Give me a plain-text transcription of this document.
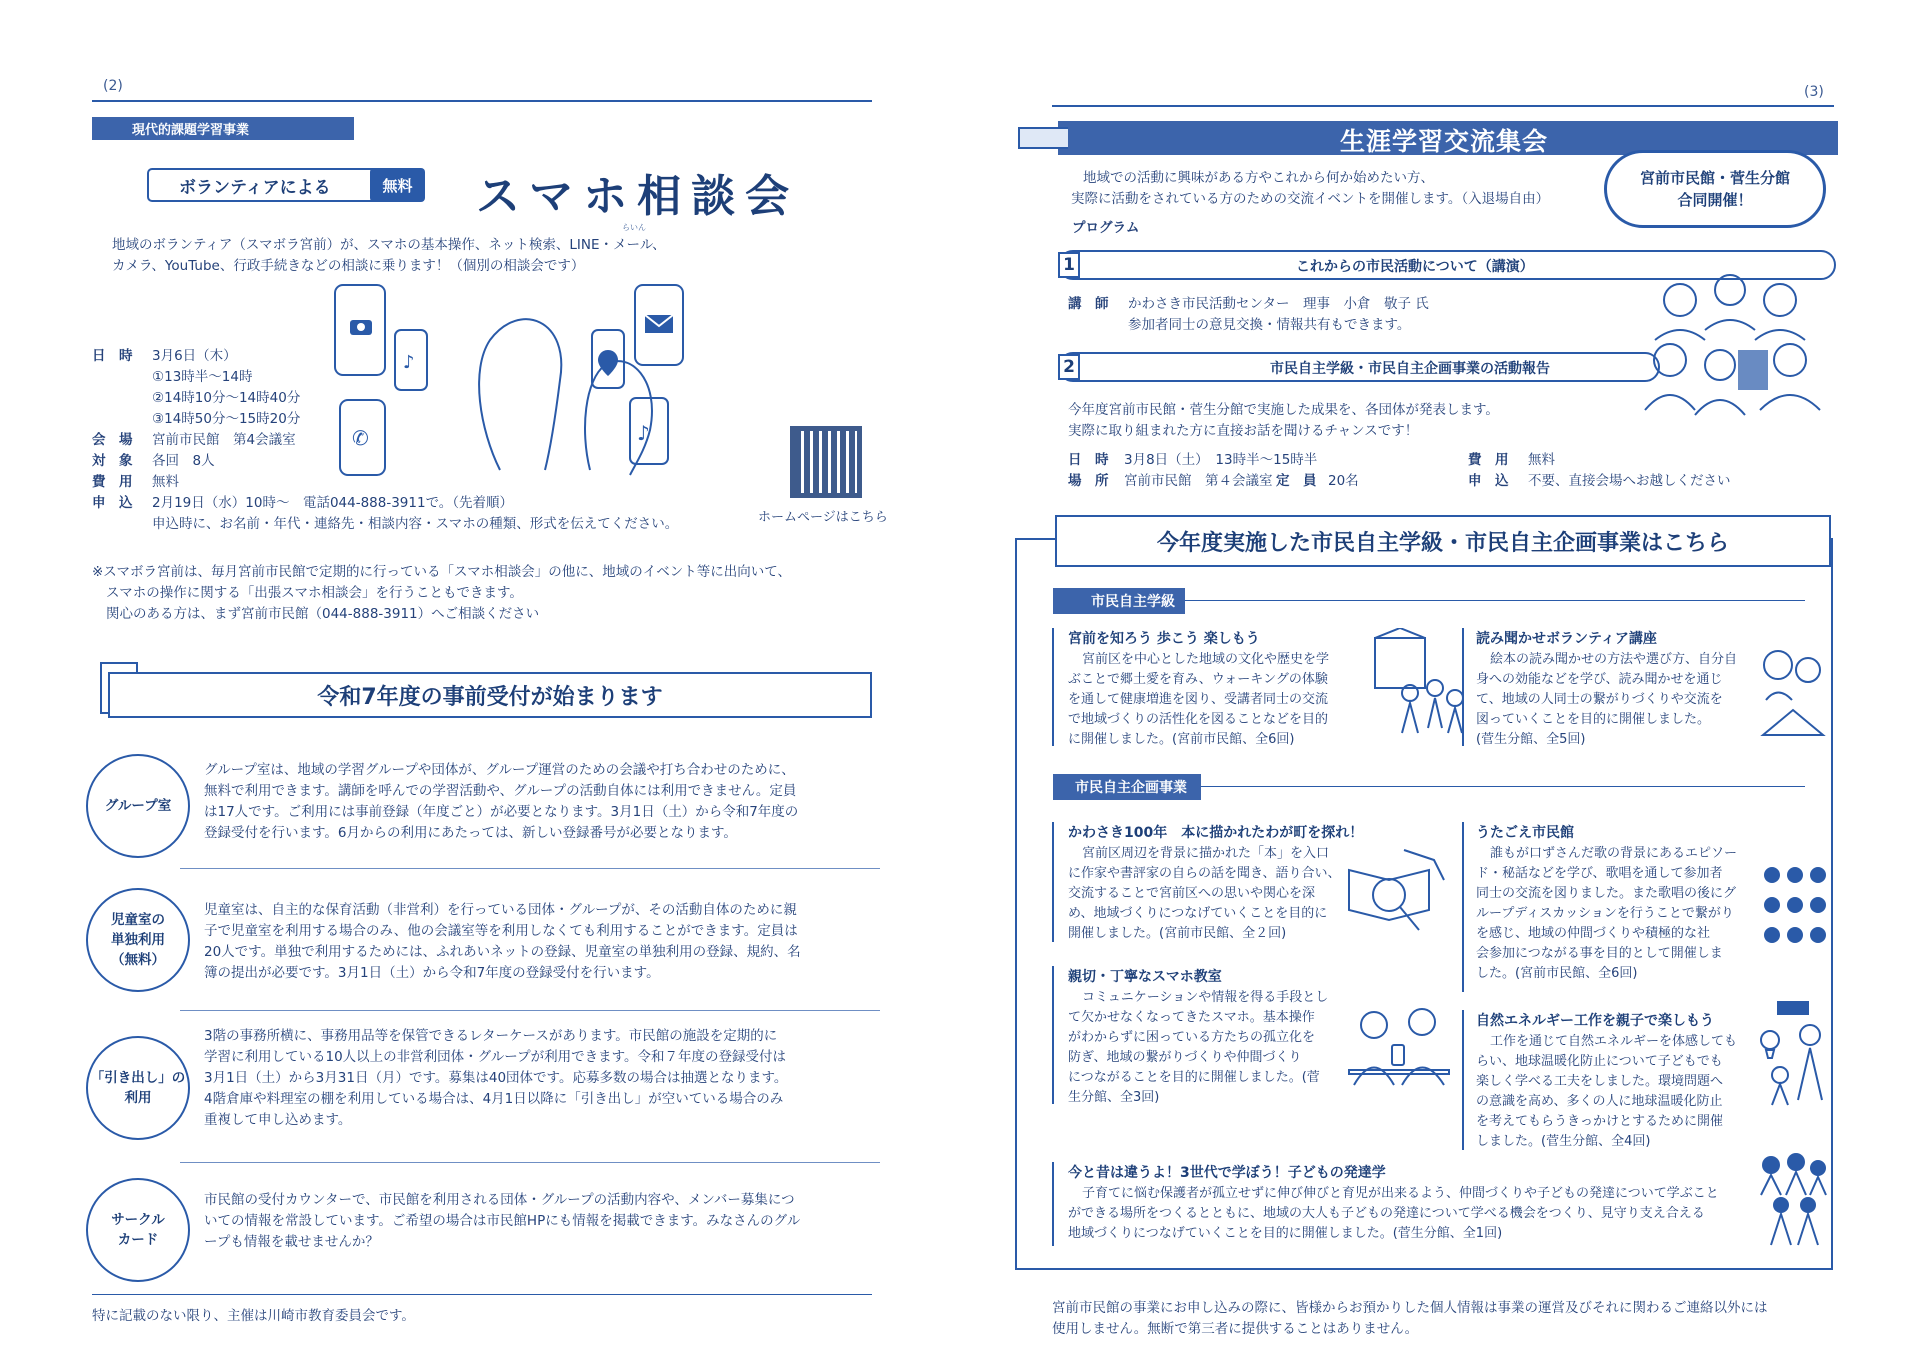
(2)
現代的課題学習事業
ボランティアによる	無料 スマホ相談会
地域のボランティア（スマボラ宮前）が、スマホの基本操作、ネット検索、LINE・メール、
カメラ、YouTube、行政手続きなどの相談に乗ります！（個別の相談会です）
らいん
日　時	3月6日（木）
①13時半～14時
②14時10分～14時40分
③14時50分～15時20分
会　場	宮前市民館　第4会議室
対　象	各回　8人
費　用	無料
申　込	2月19日（水）10時～　電話044-888-3911で。（先着順）
申込時に、お名前・年代・連絡先・相談内容・スマホの種類、形式を伝えてください。
♪
♪
✆
ホームページはこちら
※スマボラ宮前は、毎月宮前市民館で定期的に行っている「スマホ相談会」の他に、地域のイベント等に出向いて、
スマホの操作に関する「出張スマホ相談会」を行うこともできます。
関心のある方は、まず宮前市民館（044-888-3911）へご相談ください
令和7年度の事前受付が始まります
グループ室
グループ室は、地域の学習グループや団体が、グループ運営のための会議や打ち合わせのために、
無料で利用できます。講師を呼んでの学習活動や、グループの活動自体には利用できません。定員
は17人です。ご利用には事前登録（年度ごと）が必要となります。3月1日（土）から令和7年度の
登録受付を行います。6月からの利用にあたっては、新しい登録番号が必要となります。
児童室の
単独利用
（無料）
児童室は、自主的な保育活動（非営利）を行っている団体・グループが、その活動自体のために親
子で児童室を利用する場合のみ、他の会議室等を利用しなくても利用することができます。定員は
20人です。単独で利用するためには、ふれあいネットの登録、児童室の単独利用の登録、規約、名
簿の提出が必要です。3月1日（土）から令和7年度の登録受付を行います。
「引き出し」の
利用
3階の事務所横に、事務用品等を保管できるレターケースがあります。市民館の施設を定期的に
学習に利用している10人以上の非営利団体・グループが利用できます。令和７年度の登録受付は
3月1日（土）から3月31日（月）です。募集は40団体です。応募多数の場合は抽選となります。
4階倉庫や料理室の棚を利用している場合は、4月1日以降に「引き出し」が空いている場合のみ
重複して申し込めます。
サークル
カード
市民館の受付カウンターで、市民館を利用される団体・グループの活動内容や、メンバー募集につ
いての情報を常設しています。ご希望の場合は市民館HPにも情報を掲載できます。みなさんのグル
ープも情報を載せませんか？
特に記載のない限り、主催は川崎市教育委員会です。
(3)
生涯学習交流集会
宮前市民館・菅生分館
合同開催！
地域での活動に興味がある方やこれから何か始めたい方、
実際に活動をされている方のための交流イベントを開催します。（入退場自由）
プログラム
1	これからの市民活動について（講演）
講　師	かわさき市民活動センター　理事　小倉　敬子 氏
参加者同士の意見交換・情報共有もできます。
2	市民自主学級・市民自主企画事業の活動報告
今年度宮前市民館・菅生分館で実施した成果を、各団体が発表します。
実際に取り組まれた方に直接お話を聞けるチャンスです！
日　時	3月8日（土）　13時半～15時半	費　用	無料
場　所	宮前市民館　第４会議室 定　員 20名	申　込	不要、直接会場へお越しください
今年度実施した市民自主学級・市民自主企画事業はこちら
市民自主学級
宮前を知ろう 歩こう 楽しもう
宮前区を中心とした地域の文化や歴史を学
ぶことで郷土愛を育み、ウォーキングの体験
を通して健康増進を図り、受講者同士の交流
で地域づくりの活性化を図ることなどを目的
に開催しました。(宮前市民館、全6回)
読み聞かせボランティア講座
絵本の読み聞かせの方法や選び方、自分自
身への効能などを学び、読み聞かせを通じ
て、地域の人同士の繋がりづくりや交流を
図っていくことを目的に開催しました。
(菅生分館、全5回)
市民自主企画事業
かわさき100年　本に描かれたわが町を探れ！
宮前区周辺を背景に描かれた「本」を入口
に作家や書評家の自らの話を聞き、語り合い、
交流することで宮前区への思いや関心を深
め、地域づくりにつなげていくことを目的に
開催しました。(宮前市民館、全２回)
うたごえ市民館
誰もが口ずさんだ歌の背景にあるエピソー
ド・秘話などを学び、歌唱を通して参加者
同士の交流を図りました。また歌唱の後にグ
ループディスカッションを行うことで繋がり
を感じ、地域の仲間づくりや積極的な社
会参加につながる事を目的として開催しま
した。(宮前市民館、全6回)
親切・丁寧なスマホ教室
コミュニケーションや情報を得る手段とし
て欠かせなくなってきたスマホ。基本操作
がわからずに困っている方たちの孤立化を
防ぎ、地域の繋がりづくりや仲間づくり
につながることを目的に開催しました。(菅
生分館、全3回)
自然エネルギー工作を親子で楽しもう
工作を通じて自然エネルギーを体感しても
らい、地球温暖化防止について子どもでも
楽しく学べる工夫をしました。環境問題へ
の意識を高め、多くの人に地球温暖化防止
を考えてもらうきっかけとするために開催
しました。(菅生分館、全4回)
今と昔は違うよ！3世代で学ぼう！子どもの発達学
子育てに悩む保護者が孤立せずに伸び伸びと育児が出来るよう、仲間づくりや子どもの発達について学ぶこと
ができる場所をつくるとともに、地域の大人も子どもの発達について学べる機会をつくり、見守り支え合える
地域づくりにつなげていくことを目的に開催しました。(菅生分館、全1回)
宮前市民館の事業にお申し込みの際に、皆様からお預かりした個人情報は事業の運営及びそれに関わるご連絡以外には
使用しません。無断で第三者に提供することはありません。
